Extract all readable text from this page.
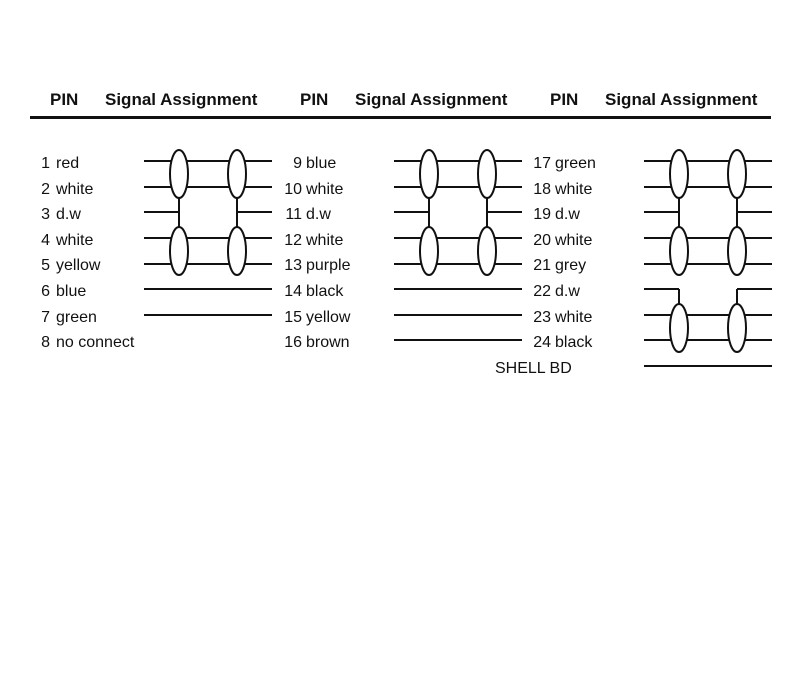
PIN Signal Assignment	PIN Signal Assignment	PIN Signal Assignment
1 red
2 white
3 d.w
4 white
5 yellow
6 blue
7 green
8 no connect
9 blue
10 white
11 d.w
12 white
13 purple
14 black
15 yellow
16 brown
17 green
18 white
19 d.w
20 white
21 grey
22 d.w
23 white
24 black
SHELL BD
